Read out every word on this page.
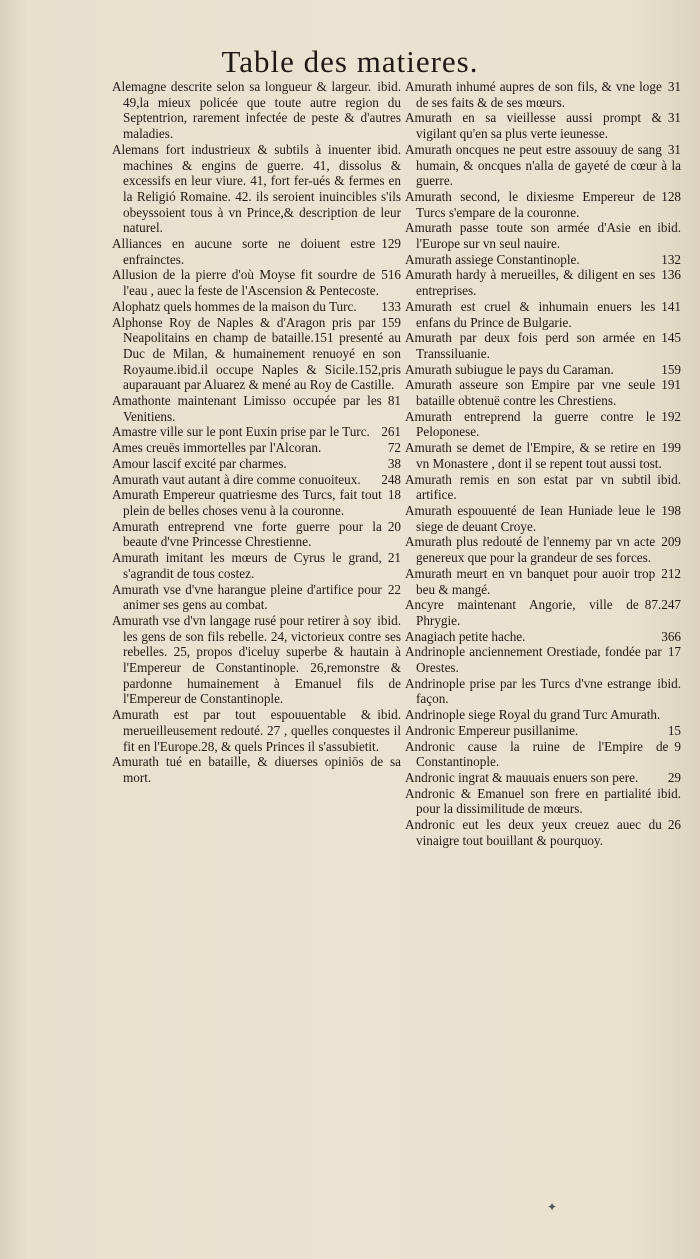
Table des matieres.

ibid.
Alemagne descrite selon sa longueur & largeur. 49,la mieux policée que toute autre region du Septentrion, rarement infectée de peste & d'autres maladies.

ibid.
Alemans fort industrieux & subtils à inuenter machines & engins de guerre. 41, dissolus & excessifs en leur viure. 41, fort fer-ués & fermes en la Religió Romaine. 42. ils seroient inuincibles s'ils obeyssoient tous à vn Prince,& description de leur naturel.

129
Alliances en aucune sorte ne doiuent estre enfrainctes.

516
Allusion de la pierre d'où Moyse fit sourdre de l'eau , auec la feste de l'Ascension & Pentecoste.

133
Alophatz quels hommes de la maison du Turc.

159
Alphonse Roy de Naples & d'Aragon pris par Neapolitains en champ de bataille.151 presenté au Duc de Milan, & humainement renuoyé en son Royaume.ibid.il occupe Naples & Sicile.152,pris auparauant par Aluarez & mené au Roy de Castille.

81
Amathonte maintenant Limisso occupée par les Venitiens.

261
Amastre ville sur le pont Euxin prise par le Turc.

72
Ames creuës immortelles par l'Alcoran.

38
Amour lascif excité par charmes.

248
Amurath vaut autant à dire comme conuoiteux.

18
Amurath Empereur quatriesme des Turcs, fait tout plein de belles choses venu à la couronne.

20
Amurath entreprend vne forte guerre pour la beaute d'vne Princesse Chrestienne.

21
Amurath imitant les mœurs de Cyrus le grand, s'agrandit de tous costez.

22
Amurath vse d'vne harangue pleine d'artifice pour animer ses gens au combat.

ibid.
Amurath vse d'vn langage rusé pour retirer à soy les gens de son fils rebelle. 24, victorieux contre ses rebelles. 25, propos d'iceluy superbe & hautain à l'Empereur de Constantinople. 26,remonstre & pardonne humainement à Emanuel fils de l'Empereur de Constantinople.

ibid.
Amurath est par tout espouuentable & merueilleusement redouté. 27 , quelles conquestes il fit en l'Europe.28, & quels Princes il s'assubietit.

Amurath tué en bataille, & diuerses opiniōs de sa mort.

31
Amurath inhumé aupres de son fils, & vne loge de ses faits & de ses mœurs.

31
Amurath en sa vieillesse aussi prompt & vigilant qu'en sa plus verte ieunesse.

31
Amurath oncques ne peut estre assouuy de sang humain, & oncques n'alla de gayeté de cœur à la guerre.

128
Amurath second, le dixiesme Empereur de Turcs s'empare de la couronne.

ibid.
Amurath passe toute son armée d'Asie en l'Europe sur vn seul nauire.

132
Amurath assiege Constantinople.

136
Amurath hardy à merueilles, & diligent en ses entreprises.

141
Amurath est cruel & inhumain enuers les enfans du Prince de Bulgarie.

145
Amurath par deux fois perd son armée en Transsiluanie.

159
Amurath subiugue le pays du Caraman.

191
Amurath asseure son Empire par vne seule bataille obtenuë contre les Chrestiens.

192
Amurath entreprend la guerre contre le Peloponese.

199
Amurath se demet de l'Empire, & se retire en vn Monastere , dont il se repent tout aussi tost.

ibid.
Amurath remis en son estat par vn subtil artifice.

198
Amurath espouuenté de Iean Huniade leue le siege de deuant Croye.

209
Amurath plus redouté de l'ennemy par vn acte genereux que pour la grandeur de ses forces.

212
Amurath meurt en vn banquet pour auoir trop beu & mangé.

87.247
Ancyre maintenant Angorie, ville de Phrygie.

366
Anagiach petite hache.

17
Andrinople anciennement Orestiade, fondée par Orestes.

ibid.
Andrinople prise par les Turcs d'vne estrange façon.

Andrinople siege Royal du grand Turc Amurath.

15
Andronic Empereur pusillanime.

9
Andronic cause la ruine de l'Empire de Constantinople.

29
Andronic ingrat & mauuais enuers son pere.

ibid.
Andronic & Emanuel son frere en partialité pour la dissimilitude de mœurs.

26
Andronic eut les deux yeux creuez auec du vinaigre tout bouillant & pourquoy.

✦
